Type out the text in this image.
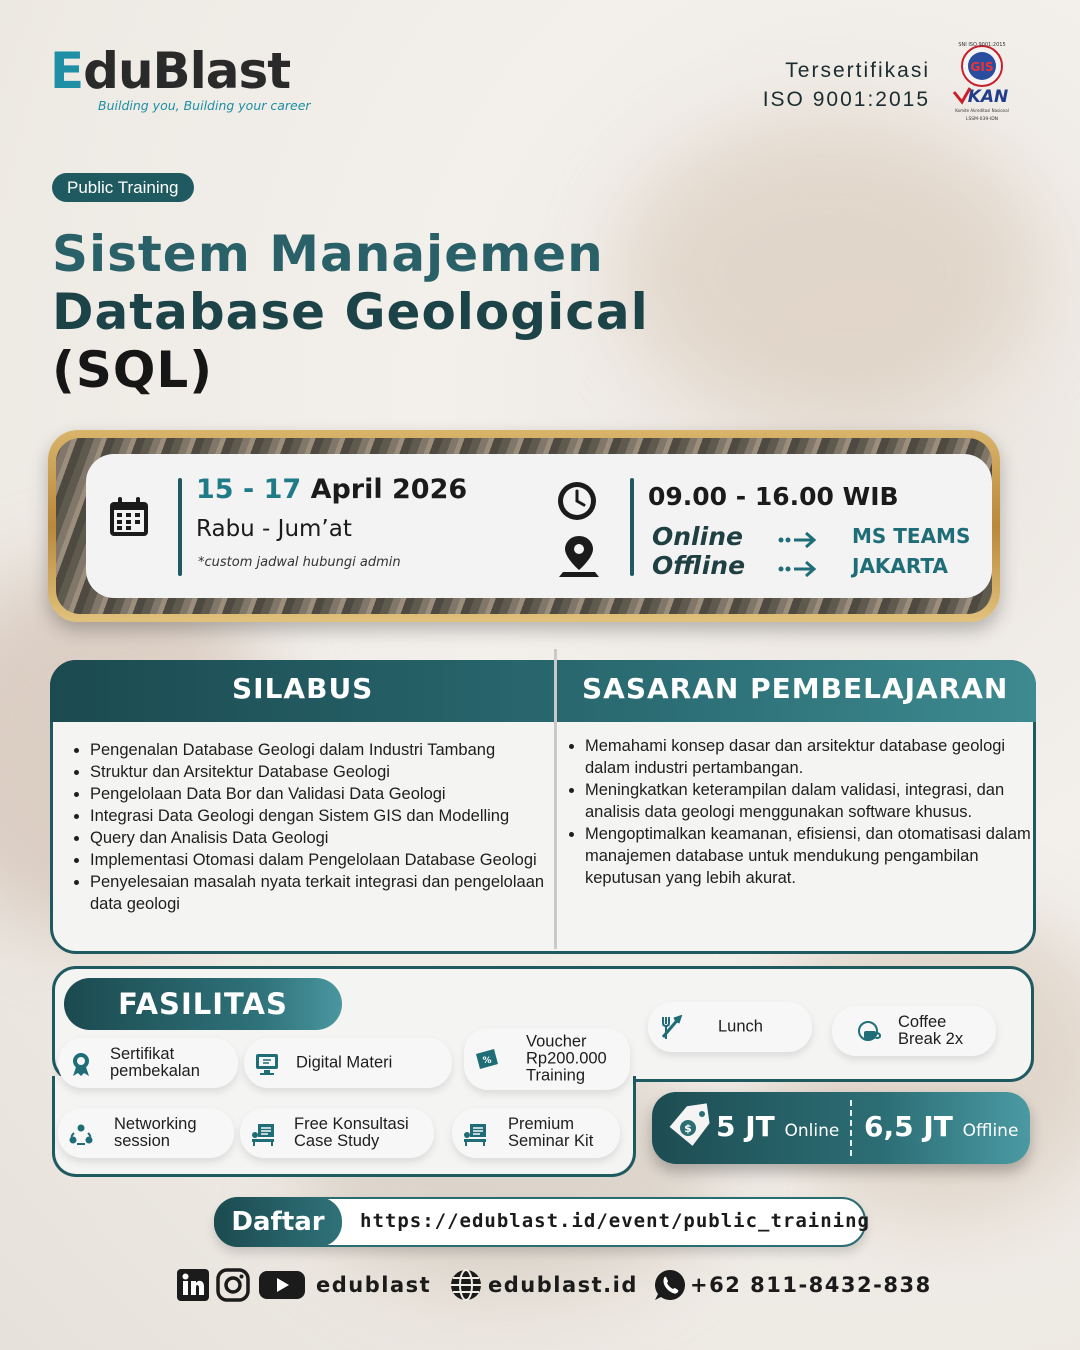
E duBlast
Building you, Building your career
Tersertifikasi
ISO 9001:2015
GIS
SNI ISO 9001:2015
KAN
Komite Akreditasi Nasional
LSSM-039-IDN
Public Training
Sistem Manajemen
Database Geological
(SQL)
15 - 17 April 2026
Rabu - Jum’at
*custom jadwal hubungi admin
09.00 - 16.00 WIB
Online	MS TEAMS
Offline	JAKARTA
SILABUS	SASARAN PEMBELAJARAN
• Pengenalan Database Geologi dalam Industri Tambang
• Struktur dan Arsitektur Database Geologi
• Pengelolaan Data Bor dan Validasi Data Geologi
• Integrasi Data Geologi dengan Sistem GIS dan Modelling
• Query dan Analisis Data Geologi
• Implementasi Otomasi dalam Pengelolaan Database Geologi
• Penyelesaian masalah nyata terkait integrasi dan pengelolaan data geologi
• Memahami konsep dasar dan arsitektur database geologi dalam industri pertambangan.
• Meningkatkan keterampilan dalam validasi, integrasi, dan analisis data geologi menggunakan software khusus.
• Mengoptimalkan keamanan, efisiensi, dan otomatisasi dalam manajemen database untuk mendukung pengambilan keputusan yang lebih akurat.
FASILITAS
Sertifikat
pembekalan	Digital Materi	%
Voucher
Rp200.000
Training
Lunch	Coffee
Break 2x
Networking
session
Free Konsultasi
Case Study
Premium
Seminar Kit
$ 5 JT Online 6,5 JT Offline
Daftar	https://edublast.id/event/public_training
edublast	edublast.id +62 811-8432-838
